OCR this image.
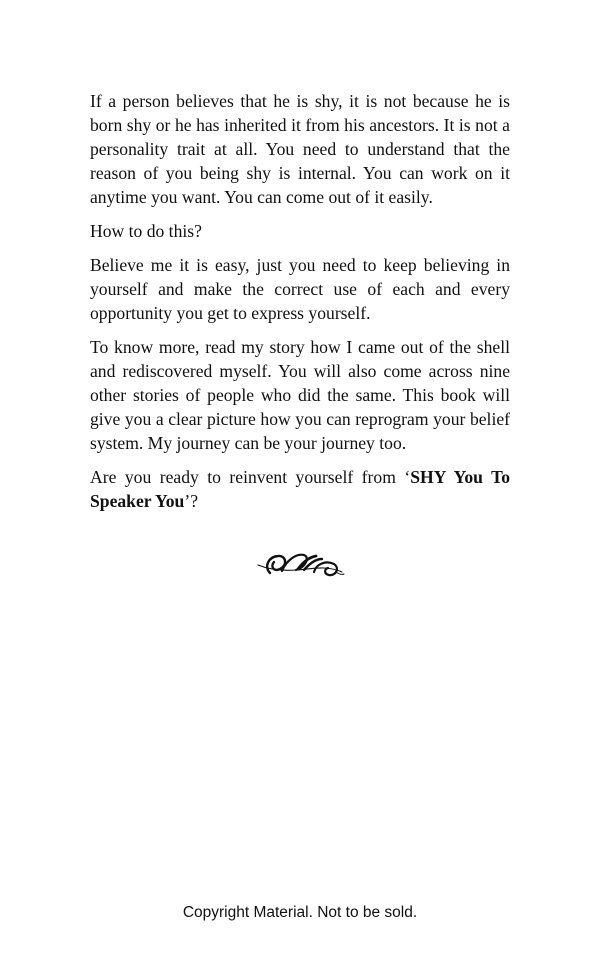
If a person believes that he is shy, it is not because he is born shy or he has inherited it from his ancestors. It is not a personality trait at all. You need to understand that the reason of you being shy is internal. You can work on it anytime you want. You can come out of it easily.

How to do this?

Believe me it is easy, just you need to keep believing in yourself and make the correct use of each and every opportunity you get to express yourself.

To know more, read my story how I came out of the shell and rediscovered myself. You will also come across nine other stories of people who did the same. This book will give you a clear picture how you can reprogram your belief system. My journey can be your journey too.

Are you ready to reinvent yourself from ‘SHY You To Speaker You’?

Copyright Material. Not to be sold.
